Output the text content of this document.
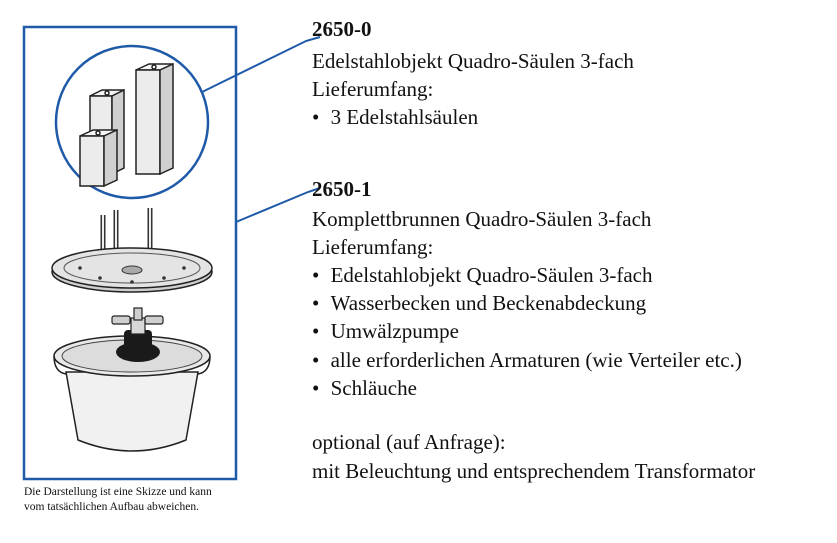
2650-0
Edelstahlobjekt Quadro-Säulen 3-fach
Lieferumfang:
• 3 Edelstahlsäulen
2650-1
Komplettbrunnen Quadro-Säulen 3-fach
Lieferumfang:
• Edelstahlobjekt Quadro-Säulen 3-fach
• Wasserbecken und Beckenabdeckung
• Umwälzpumpe
• alle erforderlichen Armaturen (wie Verteiler etc.)
• Schläuche
optional (auf Anfrage):
mit Beleuchtung und entsprechendem Transformator
Die Darstellung ist eine Skizze und kann
vom tatsächlichen Aufbau abweichen.
